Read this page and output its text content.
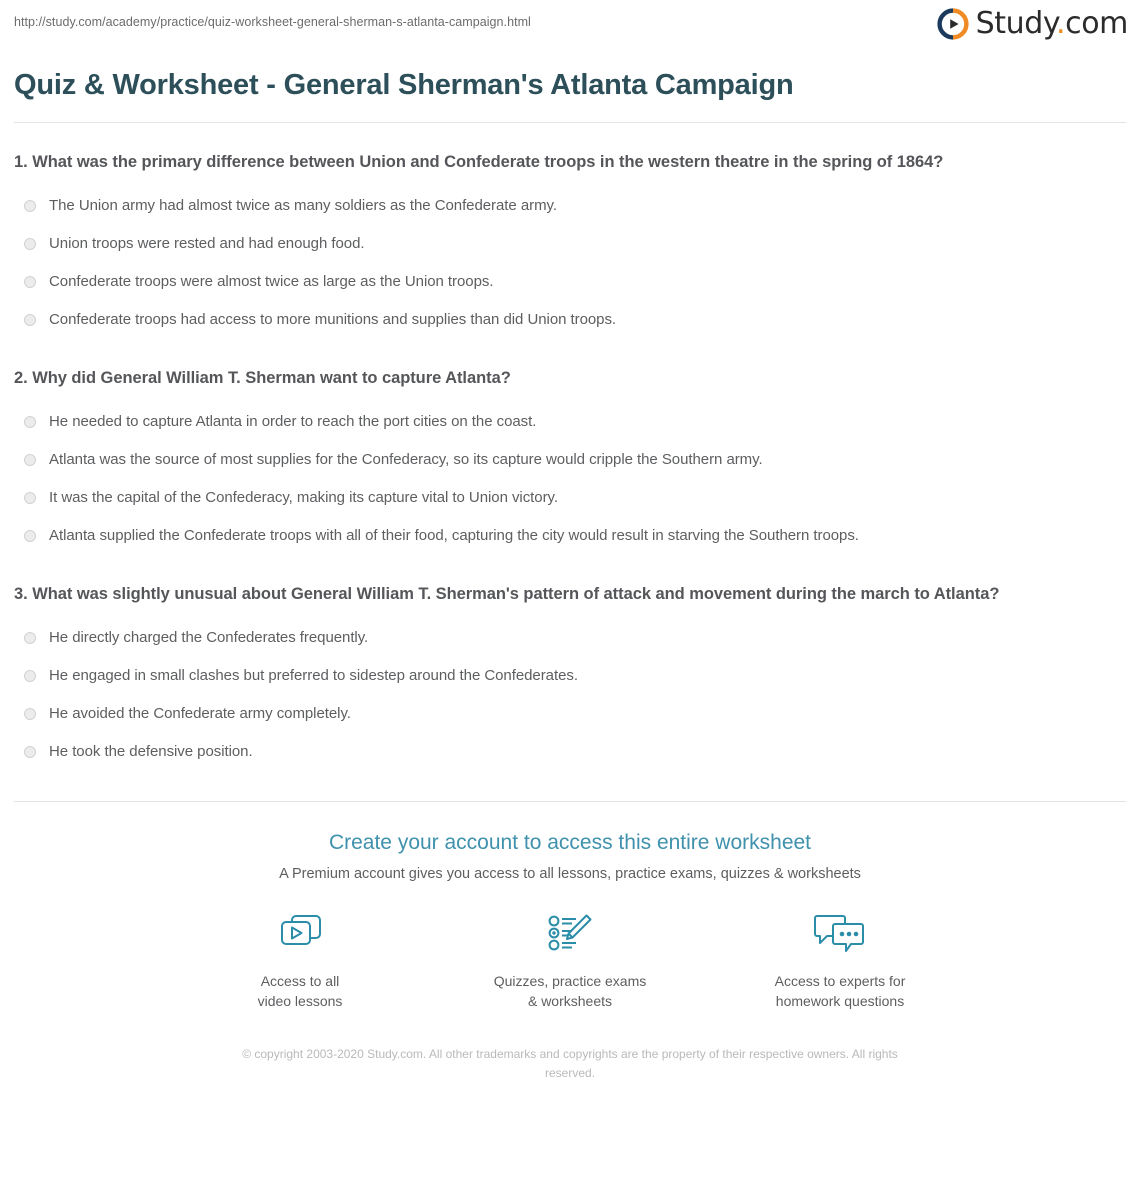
http://study.com/academy/practice/quiz-worksheet-general-sherman-s-atlanta-campaign.html	Study.com
Quiz & Worksheet - General Sherman's Atlanta Campaign
1. What was the primary difference between Union and Confederate troops in the western theatre in the spring of 1864?
The Union army had almost twice as many soldiers as the Confederate army.
Union troops were rested and had enough food.
Confederate troops were almost twice as large as the Union troops.
Confederate troops had access to more munitions and supplies than did Union troops.
2. Why did General William T. Sherman want to capture Atlanta?
He needed to capture Atlanta in order to reach the port cities on the coast.
Atlanta was the source of most supplies for the Confederacy, so its capture would cripple the Southern army.
It was the capital of the Confederacy, making its capture vital to Union victory.
Atlanta supplied the Confederate troops with all of their food, capturing the city would result in starving the Southern troops.
3. What was slightly unusual about General William T. Sherman's pattern of attack and movement during the march to Atlanta?
He directly charged the Confederates frequently.
He engaged in small clashes but preferred to sidestep around the Confederates.
He avoided the Confederate army completely.
He took the defensive position.
Create your account to access this entire worksheet
A Premium account gives you access to all lessons, practice exams, quizzes & worksheets
Access to all
video lessons
Quizzes, practice exams
& worksheets
Access to experts for
homework questions
© copyright 2003-2020 Study.com. All other trademarks and copyrights are the property of their respective owners. All rights reserved.
